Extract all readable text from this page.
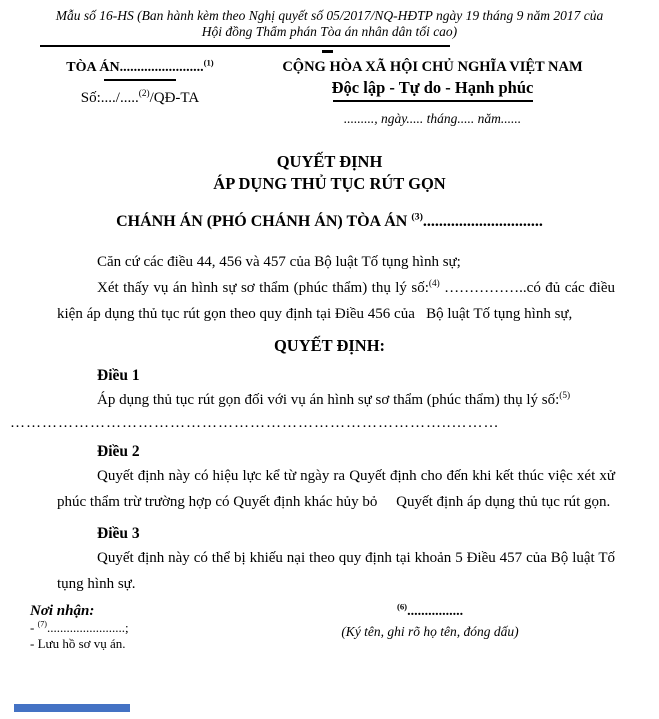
Mẫu số 16-HS (Ban hành kèm theo Nghị quyết số 05/2017/NQ-HĐTP ngày 19 tháng 9 năm 2017 của
Hội đồng Thẩm phán Tòa án nhân dân tối cao)
TÒA ÁN........................$^{(1)}$
Số:..../.....$^{(2)}$/QĐ-TA
CỘNG HÒA XÃ HỘI CHỦ NGHĨA VIỆT NAM
Độc lập - Tự do - Hạnh phúc
........., ngày..... tháng..... năm......
QUYẾT ĐỊNH
ÁP DỤNG THỦ TỤC RÚT GỌN
CHÁNH ÁN (PHÓ CHÁNH ÁN) TÒA ÁN $^{(3)}$..............................

Căn cứ các điều 44, 456 và 457 của Bộ luật Tố tụng hình sự;

Xét thấy vụ án hình sự sơ thẩm (phúc thẩm) thụ lý số:$^{(4)}$ ……………..có đủ các điều kiện áp dụng thủ tục rút gọn theo quy định tại Điều 456 của   Bộ luật Tố tụng hình sự,

QUYẾT ĐỊNH:
Điều 1

Áp dụng thủ tục rút gọn đối với vụ án hình sự sơ thẩm (phúc thẩm) thụ lý số:$^{(5)}$

………………………………………………………………………..………
Điều 2

Quyết định này có hiệu lực kể từ ngày ra Quyết định cho đến khi kết thúc việc xét xử phúc thẩm trừ trường hợp có Quyết định khác hủy bỏ     Quyết định áp dụng thủ tục rút gọn.

Điều 3

Quyết định này có thể bị khiếu nại theo quy định tại khoản 5 Điều 457 của Bộ luật Tố tụng hình sự.

Nơi nhận:
- $^{(7)}$........................;
- Lưu hồ sơ vụ án.
$^{(6)}$................
(Ký tên, ghi rõ họ tên, đóng dấu)
